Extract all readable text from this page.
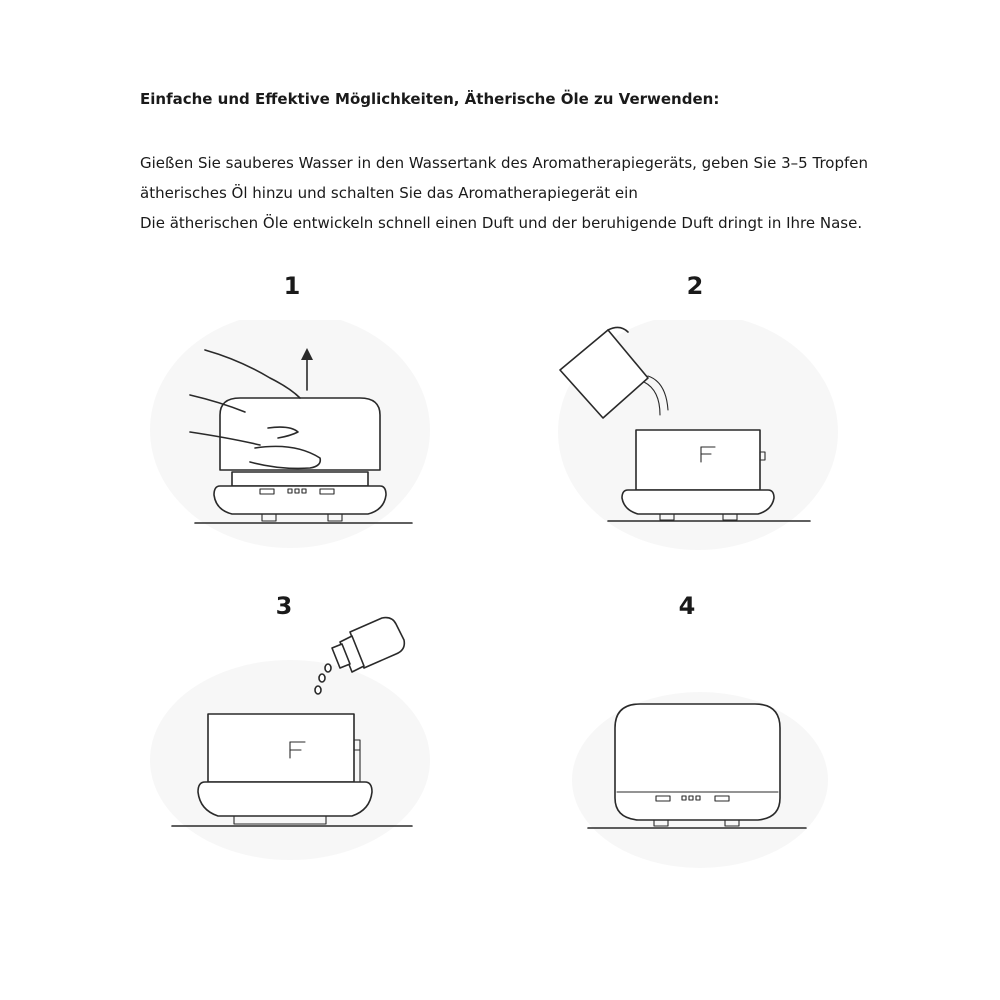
Einfache und Effektive Möglichkeiten, Ätherische Öle zu Verwenden:
Gießen Sie sauberes Wasser in den Wassertank des Aromatherapiegeräts, geben Sie 3–5 Tropfen
ätherisches Öl hinzu und schalten Sie das Aromatherapiegerät ein
Die ätherischen Öle entwickeln schnell einen Duft und der beruhigende Duft dringt in Ihre Nase.
1	2
3	4
